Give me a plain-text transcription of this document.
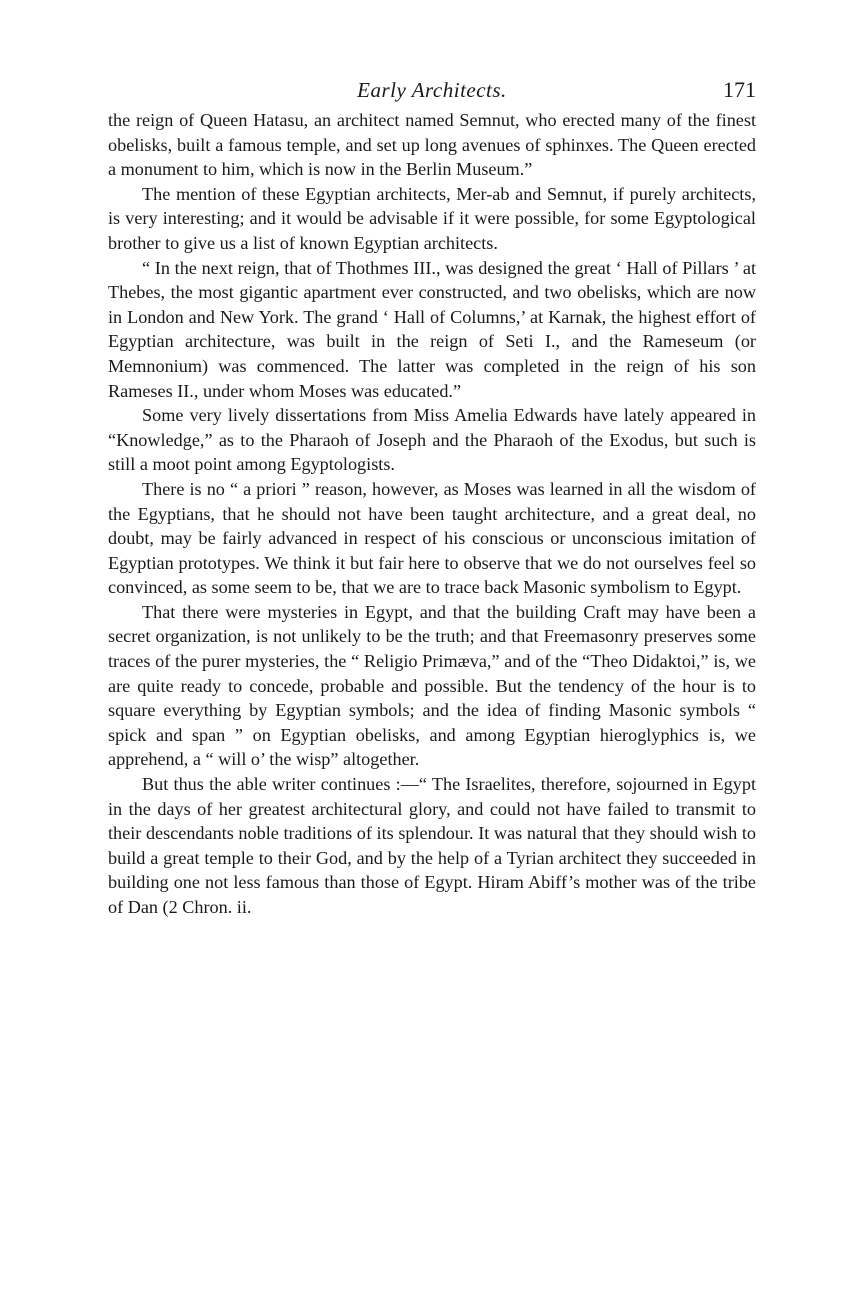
Early Architects.	171

the reign of Queen Hatasu, an architect named Semnut, who erected many of the finest obelisks, built a famous temple, and set up long avenues of sphinxes. The Queen erected a monument to him, which is now in the Berlin Museum.”

The mention of these Egyptian architects, Mer-ab and Semnut, if purely architects, is very interesting; and it would be advisable if it were possible, for some Egyptological brother to give us a list of known Egyptian architects.

“ In the next reign, that of Thothmes III., was designed the great ‘ Hall of Pillars ’ at Thebes, the most gigantic apartment ever constructed, and two obelisks, which are now in London and New York. The grand ‘ Hall of Columns,’ at Karnak, the highest effort of Egyptian architecture, was built in the reign of Seti I., and the Rameseum (or Memnonium) was commenced. The latter was completed in the reign of his son Rameses II., under whom Moses was educated.”

Some very lively dissertations from Miss Amelia Edwards have lately appeared in “Knowledge,” as to the Pharaoh of Joseph and the Pharaoh of the Exodus, but such is still a moot point among Egyptologists.

There is no “ a priori ” reason, however, as Moses was learned in all the wisdom of the Egyptians, that he should not have been taught architecture, and a great deal, no doubt, may be fairly advanced in respect of his conscious or unconscious imitation of Egyptian prototypes. We think it but fair here to observe that we do not ourselves feel so convinced, as some seem to be, that we are to trace back Masonic symbolism to Egypt.

That there were mysteries in Egypt, and that the building Craft may have been a secret organization, is not unlikely to be the truth; and that Freemasonry preserves some traces of the purer mysteries, the “ Religio Primæva,” and of the “Theo Didaktoi,” is, we are quite ready to concede, probable and possible. But the tendency of the hour is to square everything by Egyptian symbols; and the idea of finding Masonic symbols “ spick and span ” on Egyptian obelisks, and among Egyptian hieroglyphics is, we apprehend, a “ will o’ the wisp” altogether.

But thus the able writer continues :—“ The Israelites, therefore, sojourned in Egypt in the days of her greatest architectural glory, and could not have failed to transmit to their descendants noble traditions of its splendour. It was natural that they should wish to build a great temple to their God, and by the help of a Tyrian architect they succeeded in building one not less famous than those of Egypt. Hiram Abiff’s mother was of the tribe of Dan (2 Chron. ii.
